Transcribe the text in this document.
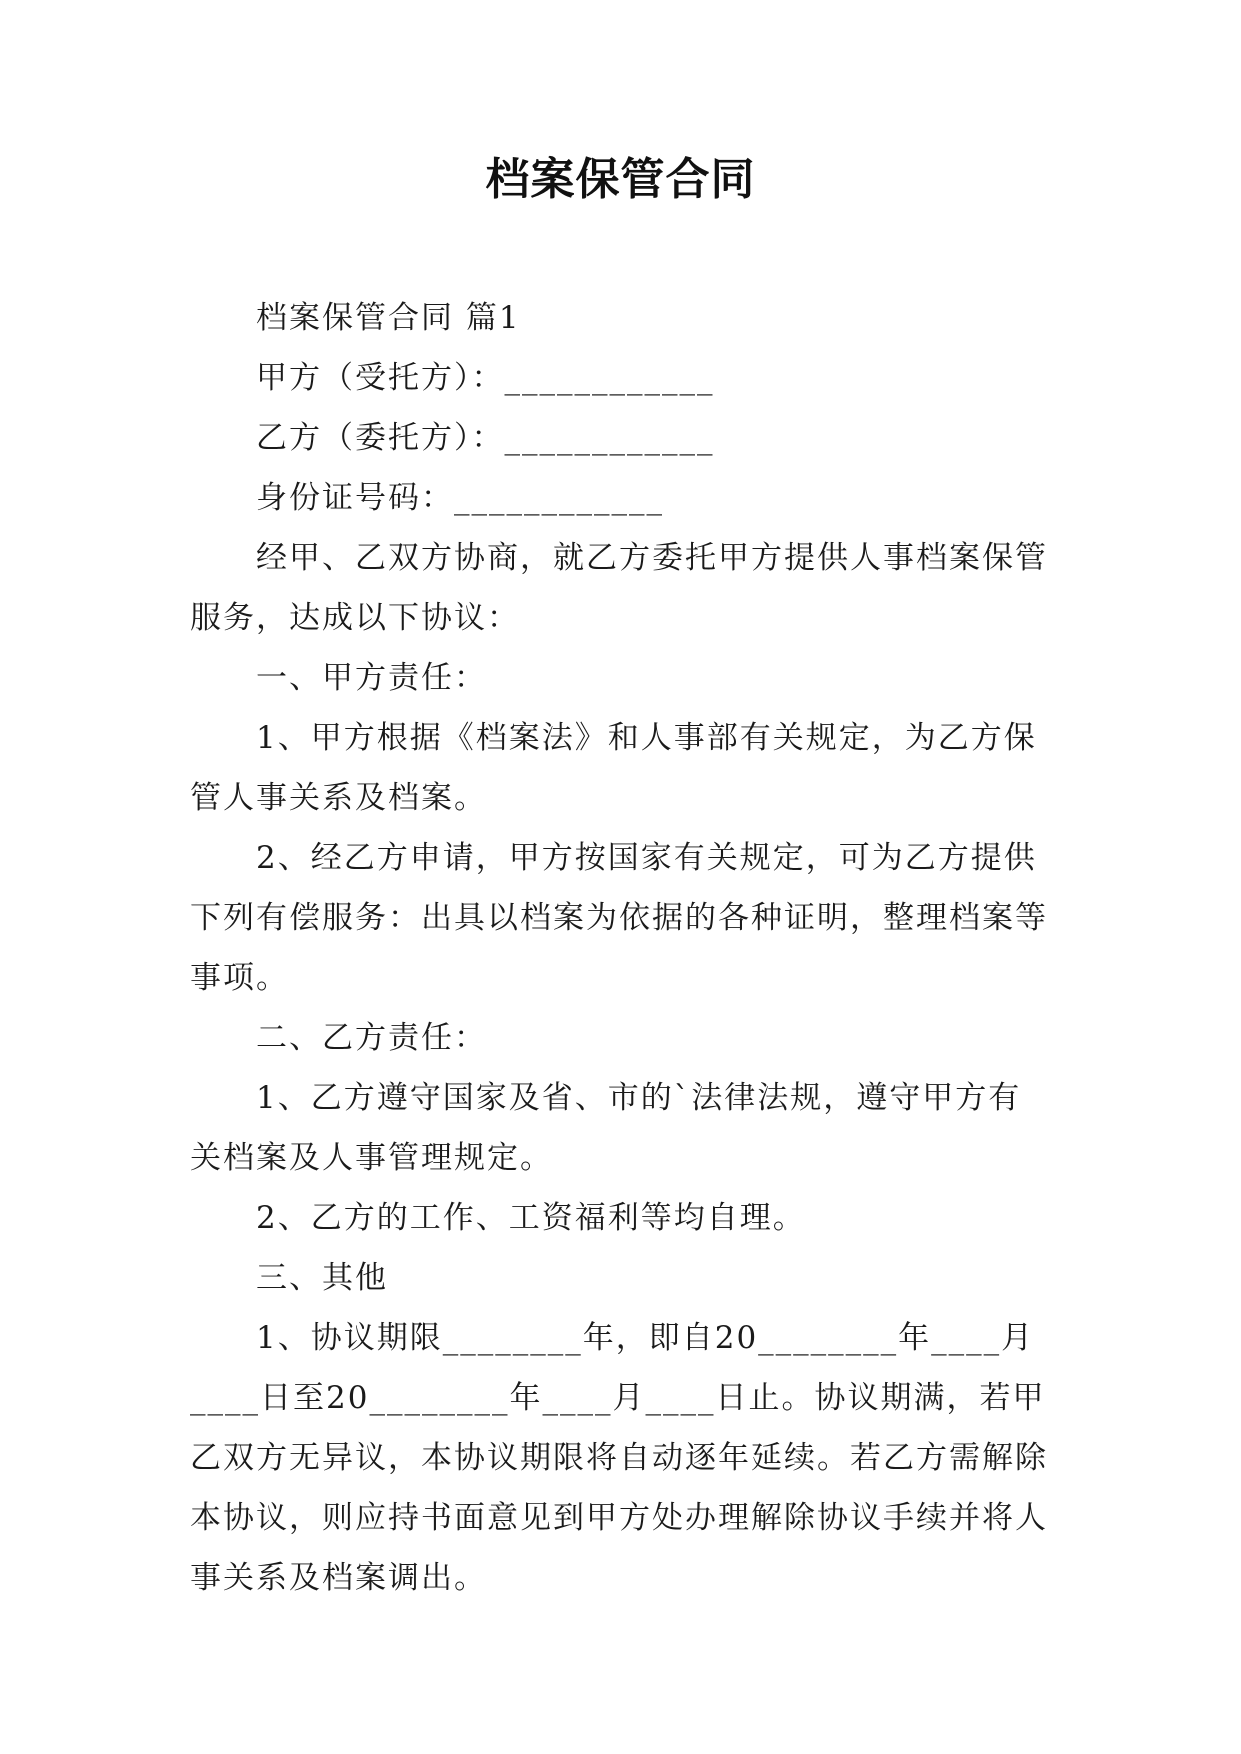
档案保管合同

档案保管合同 篇1

甲方（受托方）：____________

乙方（委托方）：____________

身份证号码：____________

经甲、乙双方协商，就乙方委托甲方提供人事档案保管服务，达成以下协议：

一、甲方责任：

1、甲方根据《档案法》和人事部有关规定，为乙方保管人事关系及档案。

2、经乙方申请，甲方按国家有关规定，可为乙方提供下列有偿服务：出具以档案为依据的各种证明，整理档案等事项。

二、乙方责任：

1、乙方遵守国家及省、市的`法律法规，遵守甲方有关档案及人事管理规定。

2、乙方的工作、工资福利等均自理。

三、其他

1、协议期限________年，即自20________年____月____日至20________年____月____日止。协议期满，若甲乙双方无异议，本协议期限将自动逐年延续。若乙方需解除本协议，则应持书面意见到甲方处办理解除协议手续并将人事关系及档案调出。
